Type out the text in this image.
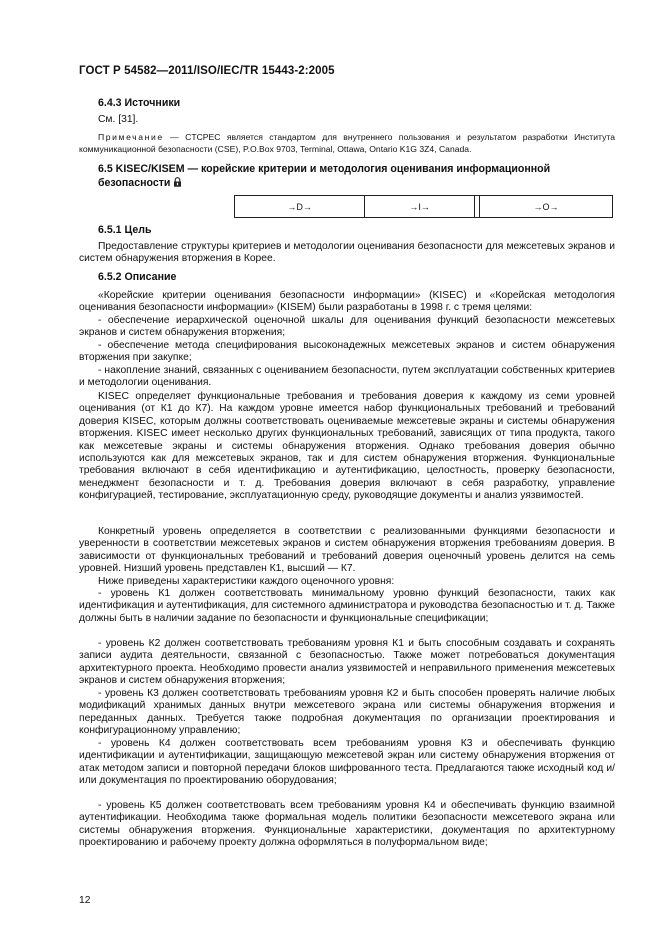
ГОСТ Р 54582—2011/ISO/IEC/TR 15443-2:2005
6.4.3 Источники

См. [31].

Примечание — CTCPEC является стандартом для внутреннего пользования и результатом разработки Института коммуникационной безопасности (CSE), P.O.Box 9703, Terminal, Ottawa, Ontario K1G 3Z4, Canada.

6.5 KISEC/KISEM — корейские критерии и методология оценивания информационной безопасности

→D→	→I→		→O→
6.5.1 Цель

Предоставление структуры критериев и методологии оценивания безопасности для межсетевых экранов и систем обнаружения вторжения в Корее.

6.5.2 Описание

«Корейские критерии оценивания безопасности информации» (KISEC) и «Корейская методология оценивания безопасности информации» (KISEM) были разработаны в 1998 г. с тремя целями:

- обеспечение иерархической оценочной шкалы для оценивания функций безопасности межсетевых экранов и систем обнаружения вторжения;

- обеспечение метода специфирования высоконадежных межсетевых экранов и систем обнаружения вторжения при закупке;

- накопление знаний, связанных с оцениванием безопасности, путем эксплуатации собственных критериев и методологии оценивания.

KISEC определяет функциональные требования и требования доверия к каждому из семи уровней оценивания (от К1 до К7). На каждом уровне имеется набор функциональных требований и требований доверия KISEC, которым должны соответствовать оцениваемые межсетевые экраны и системы обнаружения вторжения. KISEC имеет несколько других функциональных требований, зависящих от типа продукта, такого как межсетевые экраны и системы обнаружения вторжения. Однако требования доверия обычно используются как для межсетевых экранов, так и для систем обнаружения вторжения. Функциональные требования включают в себя идентификацию и аутентификацию, целостность, проверку безопасности, менеджмент безопасности и т. д. Требования доверия включают в себя разработку, управление конфигурацией, тестирование, эксплуатационную среду, руководящие документы и анализ уязвимостей.

Конкретный уровень определяется в соответствии с реализованными функциями безопасности и уверенности в соответствии межсетевых экранов и систем обнаружения вторжения требованиям доверия. В зависимости от функциональных требований и требований доверия оценочный уровень делится на семь уровней. Низший уровень представлен К1, высший — К7.

Ниже приведены характеристики каждого оценочного уровня:

- уровень К1 должен соответствовать минимальному уровню функций безопасности, таких как идентификация и аутентификация, для системного администратора и руководства безопасностью и т. д. Также должны быть в наличии задание по безопасности и функциональные спецификации;

- уровень К2 должен соответствовать требованиям уровня К1 и быть способным создавать и сохранять записи аудита деятельности, связанной с безопасностью. Также может потребоваться документация архитектурного проекта. Необходимо провести анализ уязвимостей и неправильного применения межсетевых экранов и систем обнаружения вторжения;

- уровень К3 должен соответствовать требованиям уровня К2 и быть способен проверять наличие любых модификаций хранимых данных внутри межсетевого экрана или системы обнаружения вторжения и переданных данных. Требуется также подробная документация по организации проектирования и конфигурационному управлению;

- уровень К4 должен соответствовать всем требованиям уровня К3 и обеспечивать функцию идентификации и аутентификации, защищающую межсетевой экран или систему обнаружения вторжения от атак методом записи и повторной передачи блоков шифрованного теста. Предлагаются также исходный код и/или документация по проектированию оборудования;

- уровень К5 должен соответствовать всем требованиям уровня К4 и обеспечивать функцию взаимной аутентификации. Необходима также формальная модель политики безопасности межсетевого экрана или системы обнаружения вторжения. Функциональные характеристики, документация по архитектурному проектированию и рабочему проекту должна оформляться в полуформальном виде;

12
